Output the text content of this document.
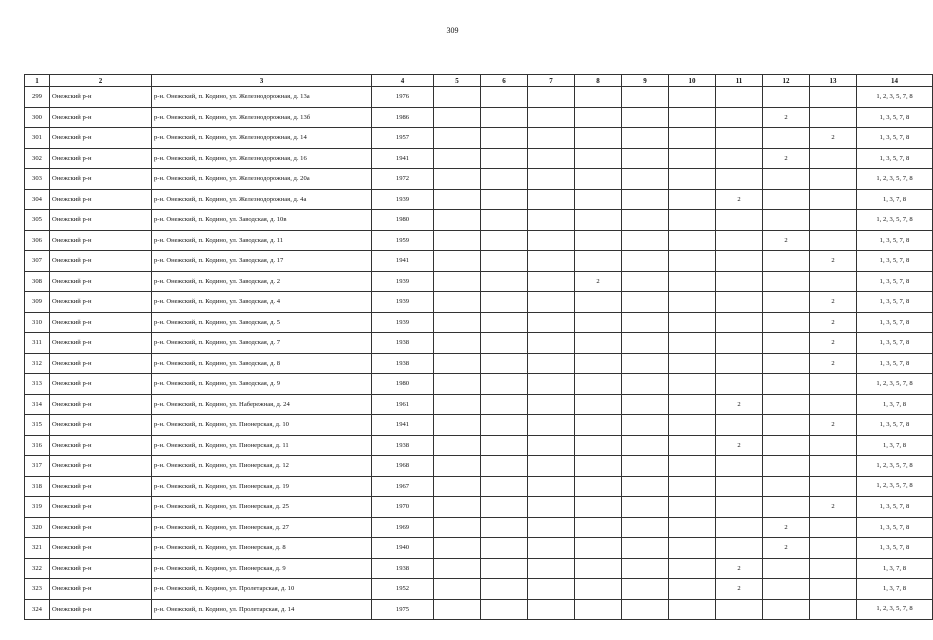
309
1	2	3	4	5	6	7	8	9	10	11	12	13	14
299	Онежский р-н	р-н. Онежский, п. Кодино, ул. Железнодорожная, д. 13а	1976										1, 2, 3, 5, 7, 8
300	Онежский р-н	р-н. Онежский, п. Кодино, ул. Железнодорожная, д. 13б	1986								2		1, 3, 5, 7, 8
301	Онежский р-н	р-н. Онежский, п. Кодино, ул. Железнодорожная, д. 14	1957									2	1, 3, 5, 7, 8
302	Онежский р-н	р-н. Онежский, п. Кодино, ул. Железнодорожная, д. 16	1941								2		1, 3, 5, 7, 8
303	Онежский р-н	р-н. Онежский, п. Кодино, ул. Железнодорожная, д. 20а	1972										1, 2, 3, 5, 7, 8
304	Онежский р-н	р-н. Онежский, п. Кодино, ул. Железнодорожная, д. 4а	1939							2			1, 3, 7, 8
305	Онежский р-н	р-н. Онежский, п. Кодино, ул. Заводская, д. 10в	1980										1, 2, 3, 5, 7, 8
306	Онежский р-н	р-н. Онежский, п. Кодино, ул. Заводская, д. 11	1959								2		1, 3, 5, 7, 8
307	Онежский р-н	р-н. Онежский, п. Кодино, ул. Заводская, д. 17	1941									2	1, 3, 5, 7, 8
308	Онежский р-н	р-н. Онежский, п. Кодино, ул. Заводская, д. 2	1939				2						1, 3, 5, 7, 8
309	Онежский р-н	р-н. Онежский, п. Кодино, ул. Заводская, д. 4	1939									2	1, 3, 5, 7, 8
310	Онежский р-н	р-н. Онежский, п. Кодино, ул. Заводская, д. 5	1939									2	1, 3, 5, 7, 8
311	Онежский р-н	р-н. Онежский, п. Кодино, ул. Заводская, д. 7	1938									2	1, 3, 5, 7, 8
312	Онежский р-н	р-н. Онежский, п. Кодино, ул. Заводская, д. 8	1938									2	1, 3, 5, 7, 8
313	Онежский р-н	р-н. Онежский, п. Кодино, ул. Заводская, д. 9	1980										1, 2, 3, 5, 7, 8
314	Онежский р-н	р-н. Онежский, п. Кодино, ул. Набережная, д. 24	1961							2			1, 3, 7, 8
315	Онежский р-н	р-н. Онежский, п. Кодино, ул. Пионерская, д. 10	1941									2	1, 3, 5, 7, 8
316	Онежский р-н	р-н. Онежский, п. Кодино, ул. Пионерская, д. 11	1938							2			1, 3, 7, 8
317	Онежский р-н	р-н. Онежский, п. Кодино, ул. Пионерская, д. 12	1968										1, 2, 3, 5, 7, 8
318	Онежский р-н	р-н. Онежский, п. Кодино, ул. Пионерская, д. 19	1967										1, 2, 3, 5, 7, 8
319	Онежский р-н	р-н. Онежский, п. Кодино, ул. Пионерская, д. 25	1970									2	1, 3, 5, 7, 8
320	Онежский р-н	р-н. Онежский, п. Кодино, ул. Пионерская, д. 27	1969								2		1, 3, 5, 7, 8
321	Онежский р-н	р-н. Онежский, п. Кодино, ул. Пионерская, д. 8	1940								2		1, 3, 5, 7, 8
322	Онежский р-н	р-н. Онежский, п. Кодино, ул. Пионерская, д. 9	1938							2			1, 3, 7, 8
323	Онежский р-н	р-н. Онежский, п. Кодино, ул. Пролетарская, д. 10	1952							2			1, 3, 7, 8
324	Онежский р-н	р-н. Онежский, п. Кодино, ул. Пролетарская, д. 14	1975										1, 2, 3, 5, 7, 8
